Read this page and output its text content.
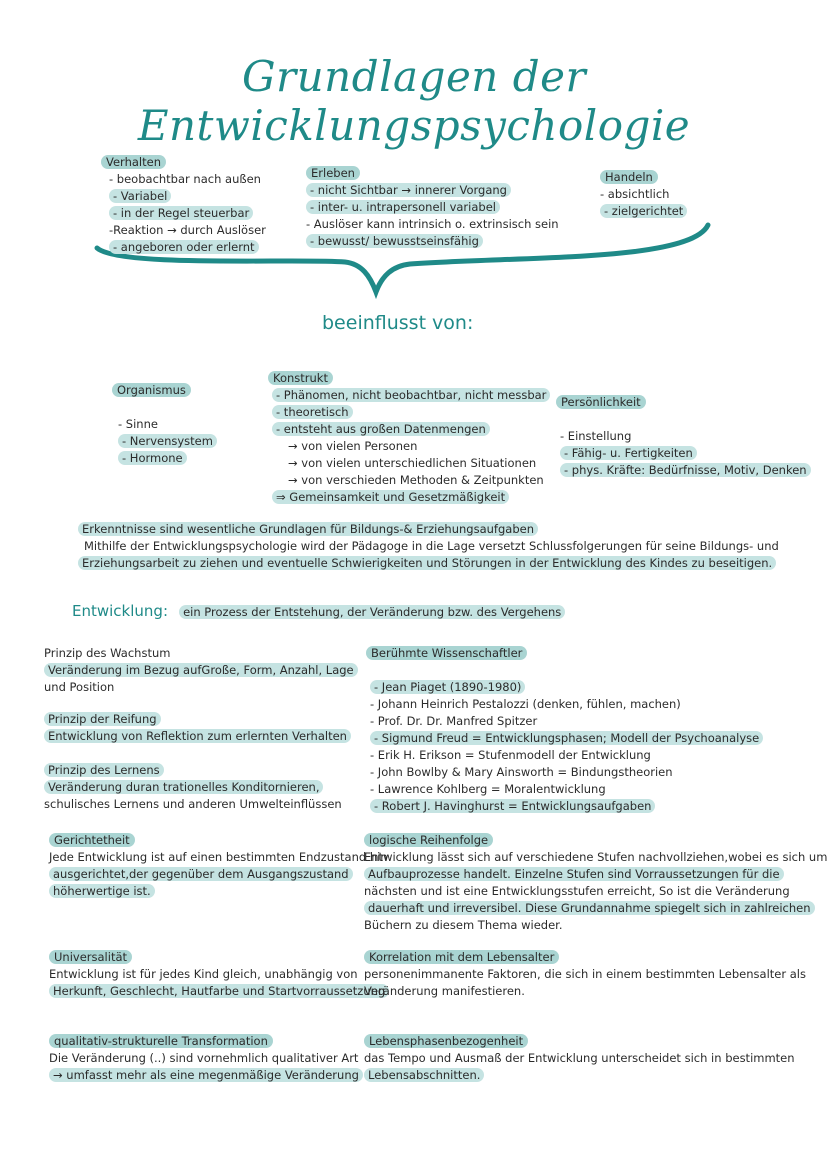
Grundlagen der Entwicklungspsychologie
Verhalten
- beobachtbar nach außen
- Variabel
- in der Regel steuerbar
-Reaktion → durch Auslöser
- angeboren oder erlernt
Erleben
- nicht Sichtbar → innerer Vorgang
- inter- u. intrapersonell variabel
- Auslöser kann intrinsich o. extrinsisch sein
- bewusst/ bewusstseinsfähig
Handeln
- absichtlich
- zielgerichtet
beeinflusst von:
Organismus
- Sinne
- Nervensystem
- Hormone
Konstrukt
- Phänomen, nicht beobachtbar, nicht messbar
- theoretisch
- entsteht aus großen Datenmengen
→ von vielen Personen
→ von vielen unterschiedlichen Situationen
→ von verschieden Methoden & Zeitpunkten
⇒ Gemeinsamkeit und Gesetzmäßigkeit
Persönlichkeit
- Einstellung
- Fähig- u. Fertigkeiten
- phys. Kräfte: Bedürfnisse, Motiv, Denken
Erkenntnisse sind wesentliche Grundlagen für Bildungs-& Erziehungsaufgaben
Mithilfe der Entwicklungspsychologie wird der Pädagoge in die Lage versetzt Schlussfolgerungen für seine Bildungs- und
Erziehungsarbeit zu ziehen und eventuelle Schwierigkeiten und Störungen in der Entwicklung des Kindes zu beseitigen.
Entwicklung: ein Prozess der Entstehung, der Veränderung bzw. des Vergehens
Prinzip des Wachstum
Veränderung im Bezug aufGroße, Form, Anzahl, Lage
und Position
Prinzip der Reifung
Entwicklung von Reflektion zum erlernten Verhalten
Prinzip des Lernens
Veränderung duran trationelles Konditornieren,
schulisches Lernens und anderen Umwelteinflüssen
Gerichtetheit
Jede Entwicklung ist auf einen bestimmten Endzustand hin
ausgerichtet,der gegenüber dem Ausgangszustand
höherwertige ist.
Universalität
Entwicklung ist für jedes Kind gleich, unabhängig von
Herkunft, Geschlecht, Hautfarbe und Startvorraussetzung
qualitativ-strukturelle Transformation
Die Veränderung (..) sind vornehmlich qualitativer Art
→ umfasst mehr als eine megenmäßige Veränderung
Berühmte Wissenschaftler
- Jean Piaget (1890-1980)
- Johann Heinrich Pestalozzi (denken, fühlen, machen)
- Prof. Dr. Dr. Manfred Spitzer
- Sigmund Freud = Entwicklungsphasen; Modell der Psychoanalyse
- Erik H. Erikson = Stufenmodell der Entwicklung
- John Bowlby & Mary Ainsworth = Bindungstheorien
- Lawrence Kohlberg = Moralentwicklung
- Robert J. Havinghurst = Entwicklungsaufgaben
logische Reihenfolge
Entwicklung lässt sich auf verschiedene Stufen nachvollziehen,wobei es sich um
Aufbauprozesse handelt. Einzelne Stufen sind Vorraussetzungen für die
nächsten und ist eine Entwicklungsstufen erreicht, So ist die Veränderung
dauerhaft und irreversibel. Diese Grundannahme spiegelt sich in zahlreichen
Büchern zu diesem Thema wieder.
Korrelation mit dem Lebensalter
personenimmanente Faktoren, die sich in einem bestimmten Lebensalter als
Veränderung manifestieren.
Lebensphasenbezogenheit
das Tempo und Ausmaß der Entwicklung unterscheidet sich in bestimmten
Lebensabschnitten.
